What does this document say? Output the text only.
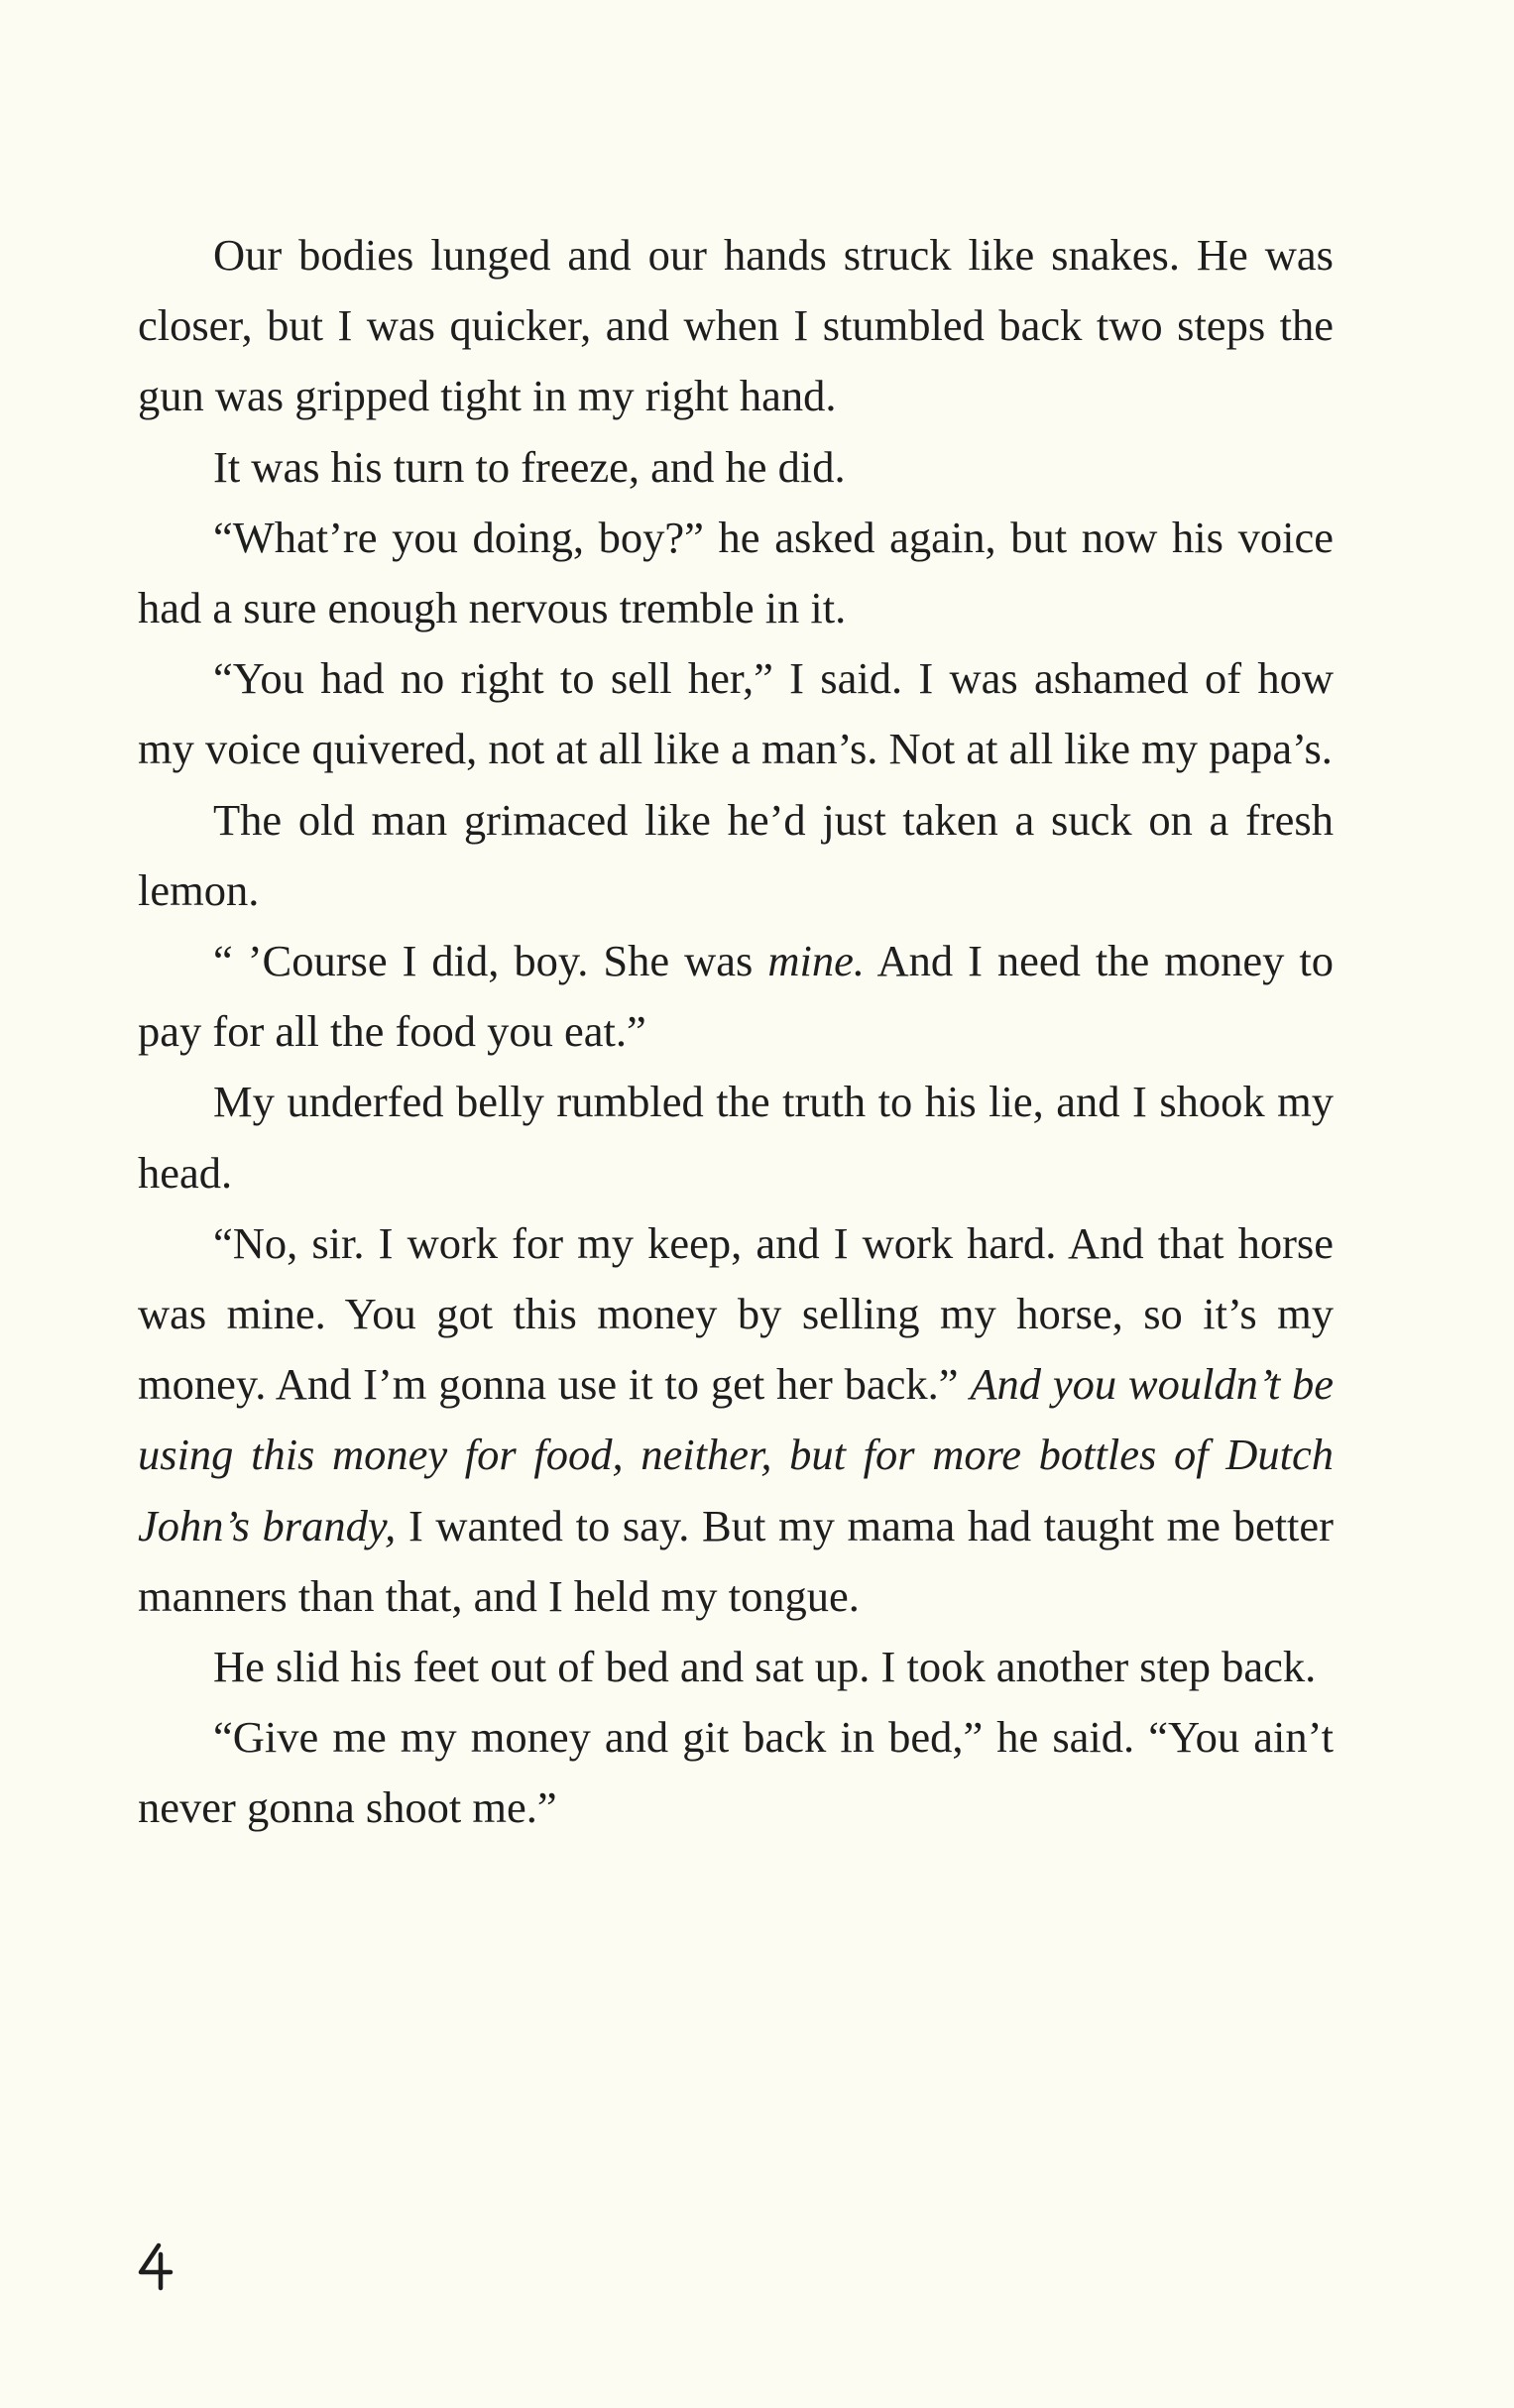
Our bodies lunged and our hands struck like snakes. He was closer, but I was quicker, and when I stumbled back two steps the gun was gripped tight in my right hand.

It was his turn to freeze, and he did.

“What’re you doing, boy?” he asked again, but now his voice had a sure enough nervous tremble in it.

“You had no right to sell her,” I said. I was ashamed of how my voice quivered, not at all like a man’s. Not at all like my papa’s.

The old man grimaced like he’d just taken a suck on a fresh lemon.

“ ’Course I did, boy. She was mine. And I need the money to pay for all the food you eat.”

My underfed belly rumbled the truth to his lie, and I shook my head.

“No, sir. I work for my keep, and I work hard. And that horse was mine. You got this money by selling my horse, so it’s my money. And I’m gonna use it to get her back.” And you wouldn’t be using this money for food, neither, but for more bottles of Dutch John’s brandy, I wanted to say. But my mama had taught me better manners than that, and I held my tongue.

He slid his feet out of bed and sat up. I took another step back.

“Give me my money and git back in bed,” he said. “You ain’t never gonna shoot me.”
